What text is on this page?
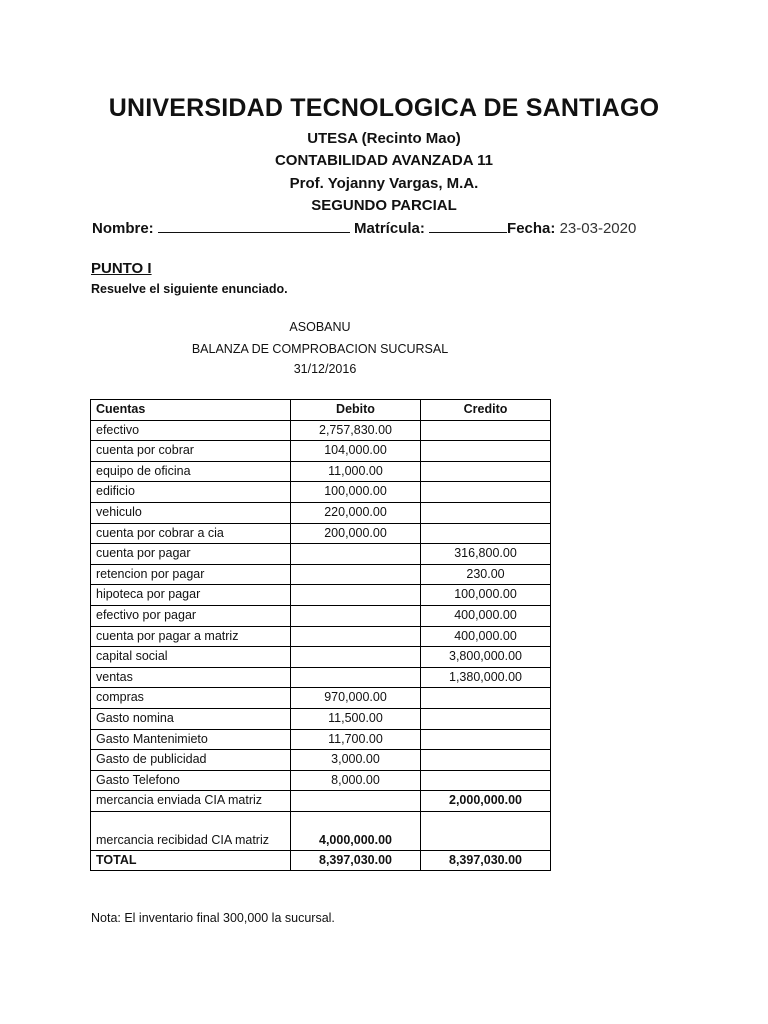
UNIVERSIDAD TECNOLOGICA DE SANTIAGO
UTESA (Recinto Mao)
CONTABILIDAD AVANZADA 11
Prof. Yojanny Vargas, M.A.
SEGUNDO PARCIAL
Nombre:	Matrícula:	Fecha: 23-03-2020
PUNTO I
Resuelve el siguiente enunciado.
ASOBANU
BALANZA DE COMPROBACION SUCURSAL
31/12/2016
Cuentas	Debito	Credito
efectivo	2,757,830.00	
cuenta por cobrar	104,000.00	
equipo de oficina	11,000.00	
edificio	100,000.00	
vehiculo	220,000.00	
cuenta por cobrar a cia	200,000.00	
cuenta por pagar		316,800.00
retencion por pagar		230.00
hipoteca por pagar		100,000.00
efectivo por pagar		400,000.00
cuenta por pagar a matriz		400,000.00
capital social		3,800,000.00
ventas		1,380,000.00
compras	970,000.00	
Gasto nomina	11,500.00	
Gasto Mantenimieto	11,700.00	
Gasto de publicidad	3,000.00	
Gasto Telefono	8,000.00	
mercancia enviada CIA matriz		2,000,000.00
mercancia recibidad CIA matriz	4,000,000.00	
TOTAL	8,397,030.00	8,397,030.00
Nota: El inventario final 300,000 la sucursal.
